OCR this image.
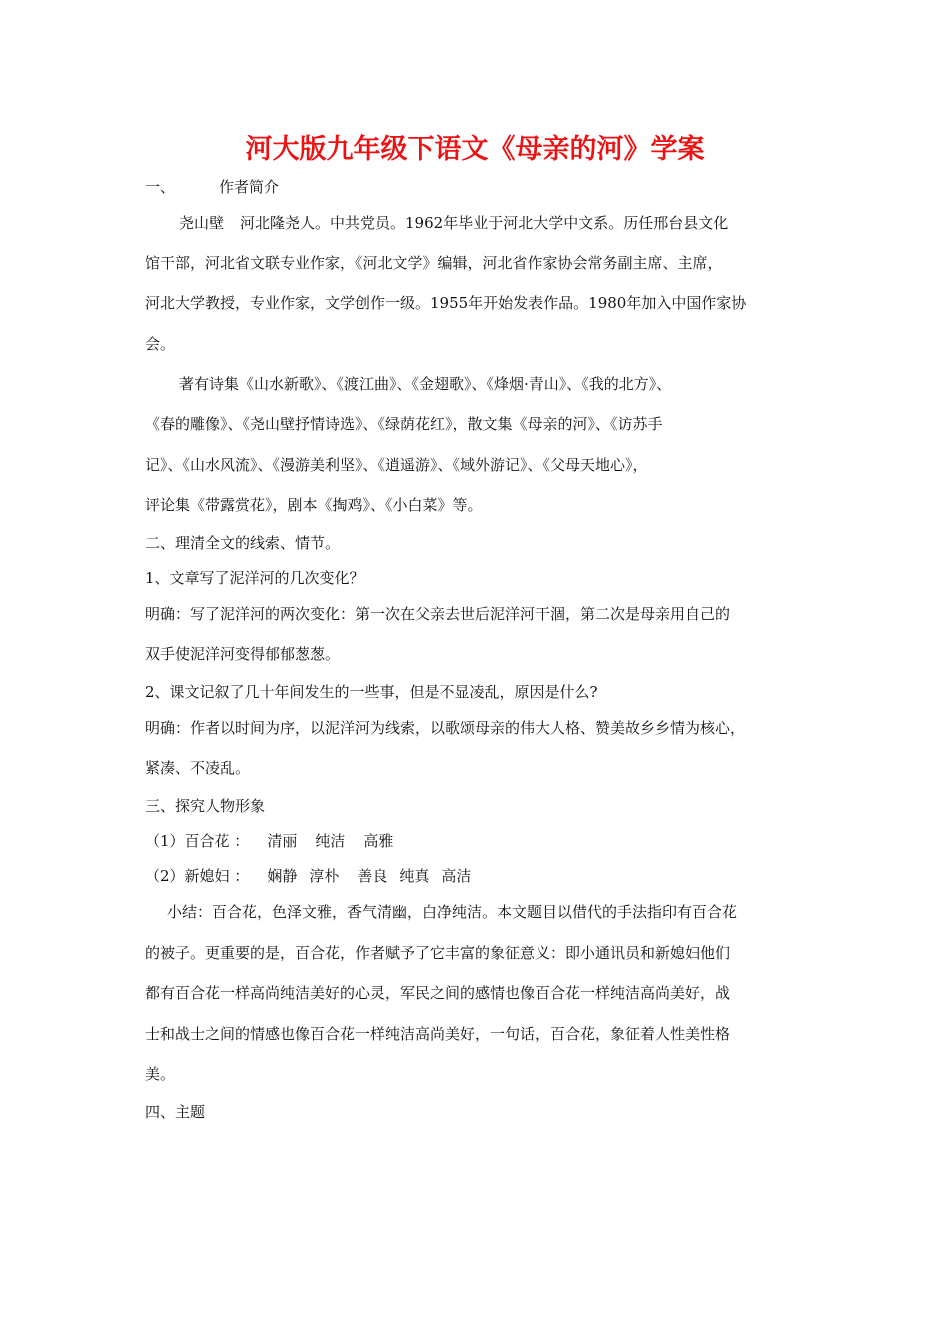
河大版九年级下语文《母亲的河》学案

一、	作者简介

尧山壁 河北隆尧人。中共党员。1962年毕业于河北大学中文系。历任邢台县文化

馆干部，河北省文联专业作家，《河北文学》编辑，河北省作家协会常务副主席、主席，

河北大学教授，专业作家，文学创作一级。1955年开始发表作品。1980年加入中国作家协

会。

著有诗集《山水新歌》、《渡江曲》、《金翅歌》、《烽烟·青山》、《我的北方》、

《春的雕像》、《尧山壁抒情诗选》、《绿荫花红》，散文集《母亲的河》、《访苏手

记》、《山水风流》、《漫游美利坚》、《逍遥游》、《域外游记》、《父母天地心》，

评论集《带露赏花》，剧本《掏鸡》、《小白菜》等。

二、理清全文的线索、情节。

1、文章写了泥洋河的几次变化？

明确：写了泥洋河的两次变化：第一次在父亲去世后泥洋河干涸，第二次是母亲用自己的

双手使泥洋河变得郁郁葱葱。

2、课文记叙了几十年间发生的一些事，但是不显凌乱，原因是什么?

明确：作者以时间为序，以泥洋河为线索，以歌颂母亲的伟大人格、赞美故乡乡情为核心，

紧凑、不凌乱。

三、探究人物形象

（1）百合花 ： 清丽 纯洁 高雅

（2）新媳妇 ： 娴静 淳朴 善良 纯真 高洁

小结：百合花，色泽文雅，香气清幽，白净纯洁。本文题目以借代的手法指印有百合花

的被子。更重要的是，百合花，作者赋予了它丰富的象征意义：即小通讯员和新媳妇他们

都有百合花一样高尚纯洁美好的心灵，军民之间的感情也像百合花一样纯洁高尚美好，战

士和战士之间的情感也像百合花一样纯洁高尚美好，一句话，百合花，象征着人性美性格

美。

四、主题
